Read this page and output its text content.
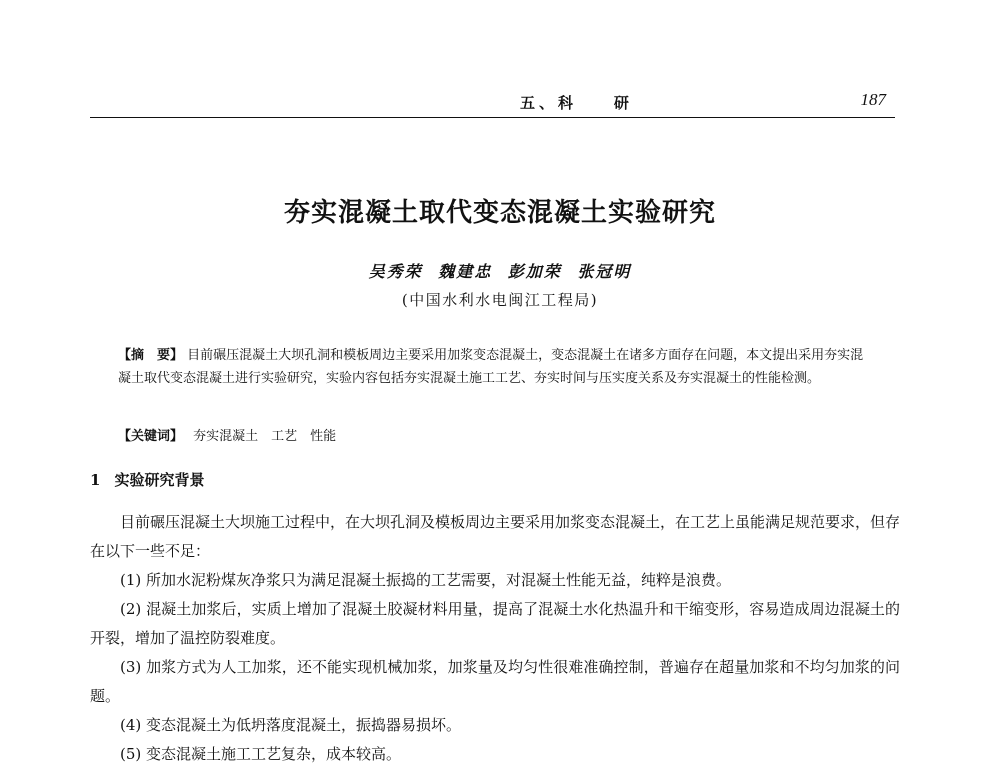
五、科    研	187
夯实混凝土取代变态混凝土实验研究
吴秀荣 魏建忠 彭加荣 张冠明
(中国水利水电闽江工程局)
【摘　要】 目前碾压混凝土大坝孔洞和模板周边主要采用加浆变态混凝土，变态混凝土在诸多方面存在问题，本文提出采用夯实混凝土取代变态混凝土进行实验研究，实验内容包括夯实混凝土施工工艺、夯实时间与压实度关系及夯实混凝土的性能检测。
【关键词】 夯实混凝土　工艺　性能
1 实验研究背景

目前碾压混凝土大坝施工过程中，在大坝孔洞及模板周边主要采用加浆变态混凝土，在工艺上虽能满足规范要求，但存在以下一些不足：

(1) 所加水泥粉煤灰净浆只为满足混凝土振捣的工艺需要，对混凝土性能无益，纯粹是浪费。

(2) 混凝土加浆后，实质上增加了混凝土胶凝材料用量，提高了混凝土水化热温升和干缩变形，容易造成周边混凝土的开裂，增加了温控防裂难度。

(3) 加浆方式为人工加浆，还不能实现机械加浆，加浆量及均匀性很难准确控制，普遍存在超量加浆和不均匀加浆的问题。

(4) 变态混凝土为低坍落度混凝土，振捣器易损坏。

(5) 变态混凝土施工工艺复杂，成本较高。
